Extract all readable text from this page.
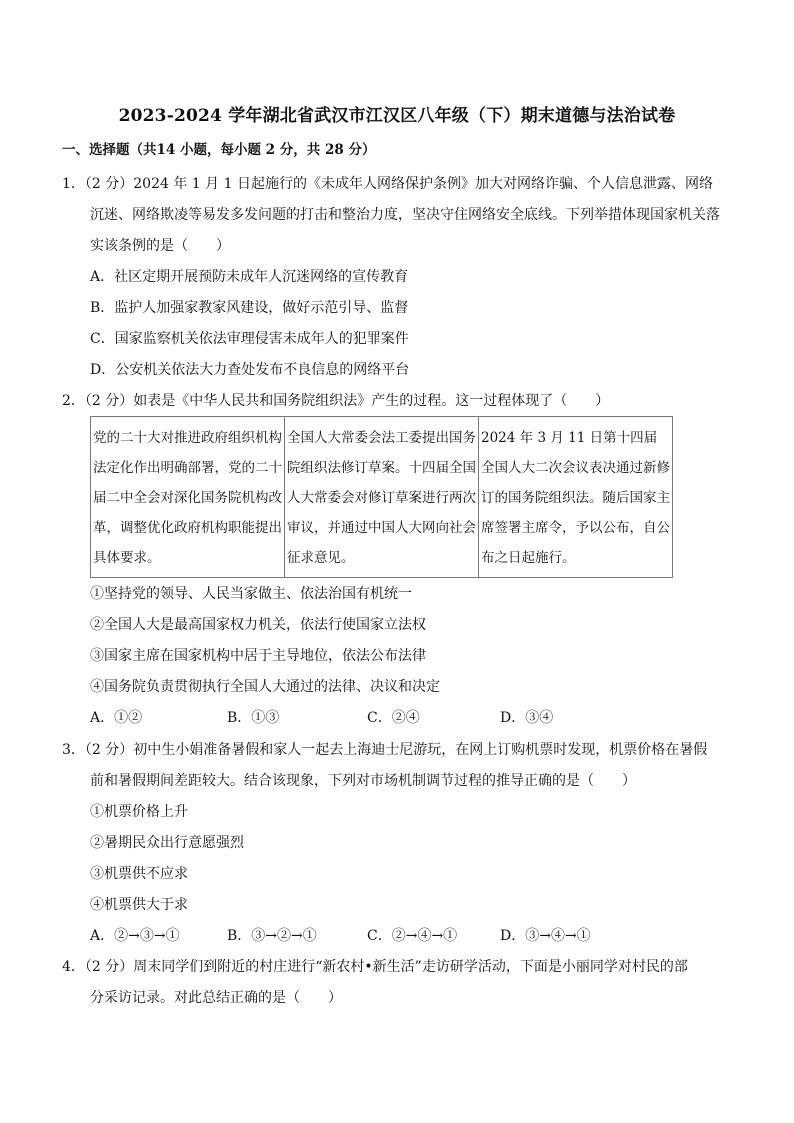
2023-2024 学年湖北省武汉市江汉区八年级（下）期末道德与法治试卷
一、选择题（共14 小题，每小题 2 分，共 28 分）
1．（2 分）2024 年 1 月 1 日起施行的《未成年人网络保护条例》加大对网络诈骗、个人信息泄露、网络
沉迷、网络欺凌等易发多发问题的打击和整治力度，坚决守住网络安全底线。下列举措体现国家机关落
实该条例的是（　　）
A．社区定期开展预防未成年人沉迷网络的宣传教育
B．监护人加强家教家风建设，做好示范引导、监督
C．国家监察机关依法审理侵害未成年人的犯罪案件
D．公安机关依法大力查处发布不良信息的网络平台
2．（2 分）如表是《中华人民共和国务院组织法》产生的过程。这一过程体现了（　　）
党的二十大对推进政府组织机构法定化作出明确部署，党的二十届二中全会对深化国务院机构改革，调整优化政府机构职能提出具体要求。	全国人大常委会法工委提出国务院组织法修订草案。十四届全国人大常委会对修订草案进行两次审议，并通过中国人大网向社会征求意见。	2024 年 3 月 11 日第十四届全国人大二次会议表决通过新修订的国务院组织法。随后国家主席签署主席令，予以公布，自公布之日起施行。
①坚持党的领导、人民当家做主、依法治国有机统一
②全国人大是最高国家权力机关，依法行使国家立法权
③国家主席在国家机构中居于主导地位，依法公布法律
④国务院负责贯彻执行全国人大通过的法律、决议和决定
A．①②	B．①③	C．②④	D．③④
3．（2 分）初中生小娟准备暑假和家人一起去上海迪士尼游玩，在网上订购机票时发现，机票价格在暑假
前和暑假期间差距较大。结合该现象，下列对市场机制调节过程的推导正确的是（　　）
①机票价格上升
②暑期民众出行意愿强烈
③机票供不应求
④机票供大于求
A．②→③→①	B．③→②→①	C．②→④→①	D．③→④→①
4．（2 分）周末同学们到附近的村庄进行“新农村•新生活”走访研学活动，下面是小丽同学对村民的部
分采访记录。对此总结正确的是（　　）
